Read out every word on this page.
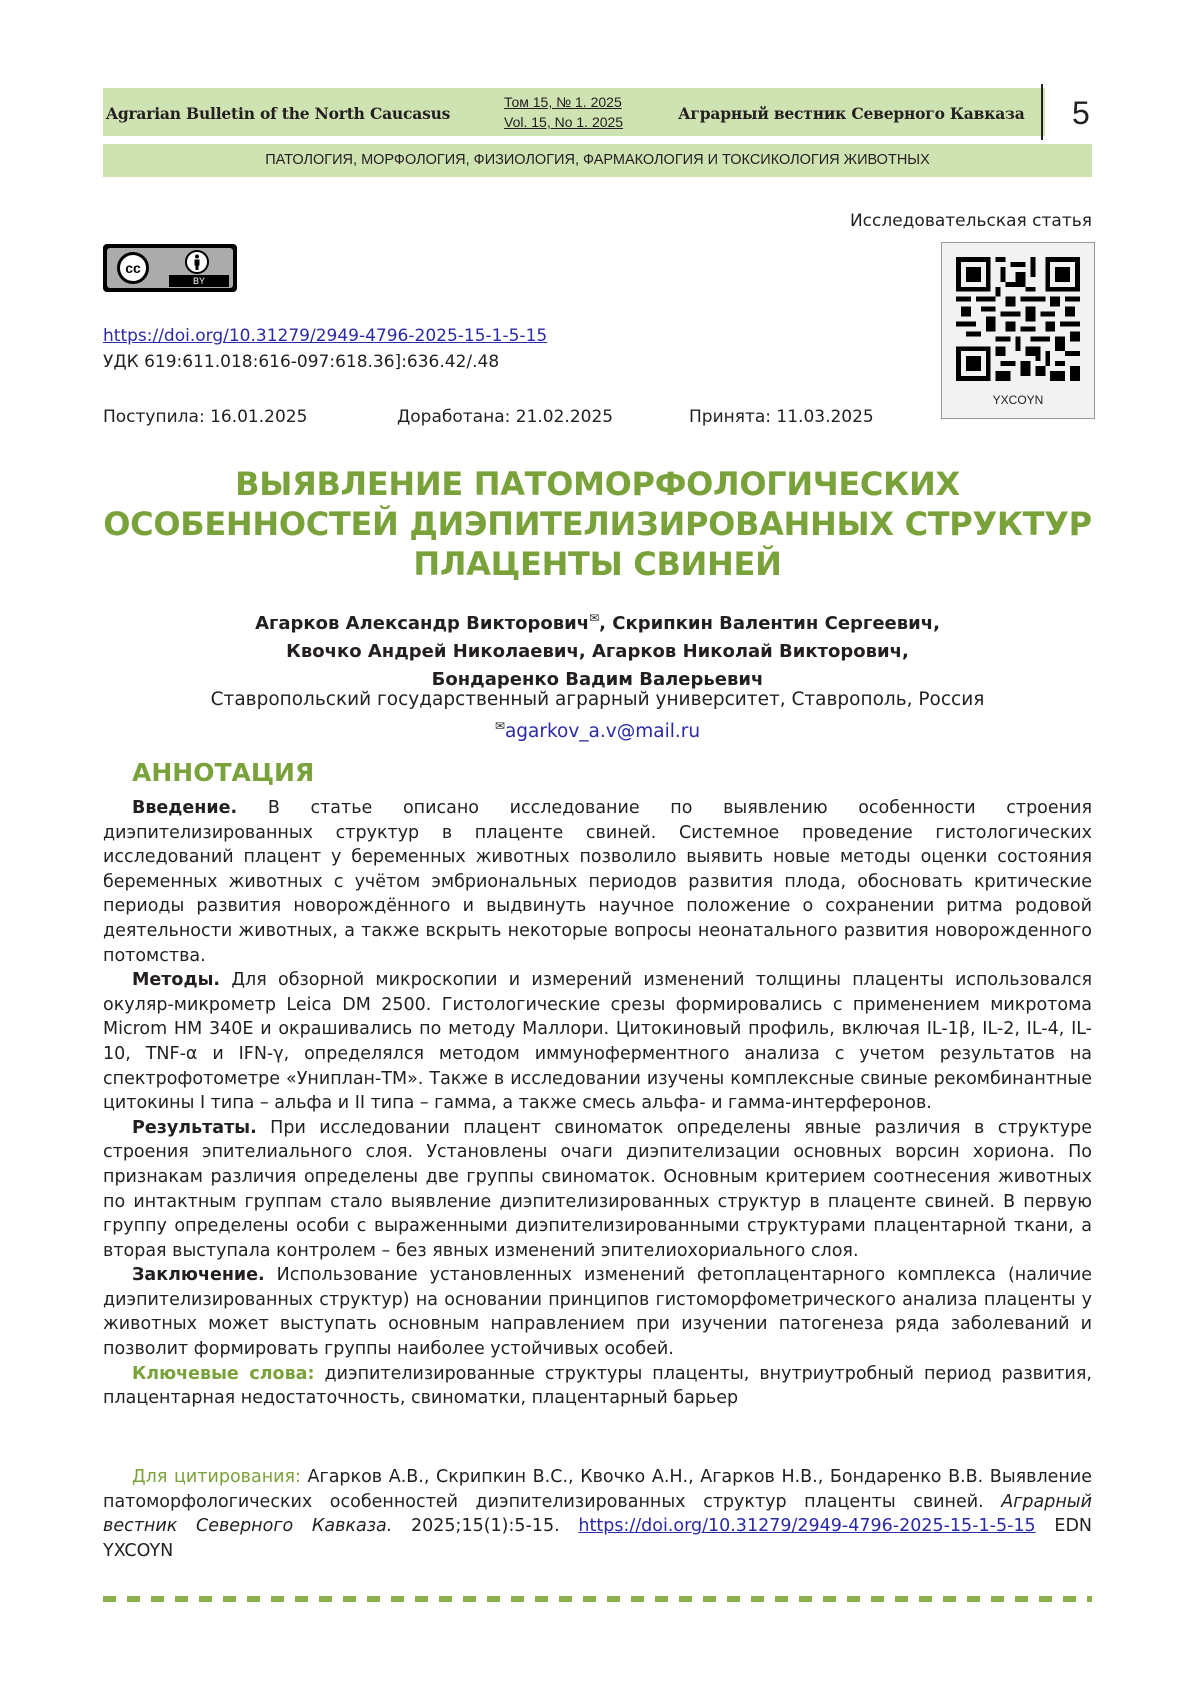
Agrarian Bulletin of the North Caucasus
Том 15, № 1. 2025
Vol. 15, No 1. 2025	Аграрный вестник Северного Кавказа 5
ПАТОЛОГИЯ, МОРФОЛОГИЯ, ФИЗИОЛОГИЯ, ФАРМАКОЛОГИЯ И ТОКСИКОЛОГИЯ ЖИВОТНЫХ
Исследовательская статья
cc
BY
YXCOYN
https://doi.org/10.31279/2949-4796-2025-15-1-5-15
УДК 619:611.018:616-097:618.36]:636.42/.48
Поступила: 16.01.2025	Доработана: 21.02.2025	Принята: 11.03.2025
ВЫЯВЛЕНИЕ ПАТОМОРФОЛОГИЧЕСКИХ
ОСОБЕННОСТЕЙ ДИЭПИТЕЛИЗИРОВАННЫХ СТРУКТУР
ПЛАЦЕНТЫ СВИНЕЙ
Агарков Александр Викторович✉, Скрипкин Валентин Сергеевич,
Квочко Андрей Николаевич, Агарков Николай Викторович,
Бондаренко Вадим Валерьевич
Ставропольский государственный аграрный университет, Ставрополь, Россия
✉agarkov_a.v@mail.ru
АННОТАЦИЯ

Введение. В статье описано исследование по выявлению особенности строения диэпителизированных структур в плаценте свиней. Системное проведение гистологических исследований плацент у беременных животных позволило выявить новые методы оценки состояния беременных животных с учётом эмбриональных периодов развития плода, обосновать критические периоды развития новорождённого и выдвинуть научное положение о сохранении ритма родовой деятельности животных, а также вскрыть некоторые вопросы неонатального развития новорожденного потомства.

Методы. Для обзорной микроскопии и измерений изменений толщины плаценты использовался окуляр-микрометр Leica DM 2500. Гистологические срезы формировались с применением микротома Microm HM 340E и окрашивались по методу Маллори. Цитокиновый профиль, включая IL-1β, IL-2, IL-4, IL-10, TNF-α и IFN-γ, определялся методом иммуноферментного анализа с учетом результатов на спектрофотометре «Униплан-ТМ». Также в исследовании изучены комплексные свиные рекомбинантные цитокины I типа – альфа и II типа – гамма, а также смесь альфа- и гамма-интерферонов.

Результаты. При исследовании плацент свиноматок определены явные различия в структуре строения эпителиального слоя. Установлены очаги диэпителизации основных ворсин хориона. По признакам различия определены две группы свиноматок. Основным критерием соотнесения животных по интактным группам стало выявление диэпителизированных структур в плаценте свиней. В первую группу определены особи с выраженными диэпителизированными структурами плацентарной ткани, а вторая выступала контролем – без явных изменений эпителиохориального слоя.

Заключение. Использование установленных изменений фетоплацентарного комплекса (наличие диэпителизированных структур) на основании принципов гистоморфометрического анализа плаценты у животных может выступать основным направлением при изучении патогенеза ряда заболеваний и позволит формировать группы наиболее устойчивых особей.

Ключевые слова: диэпителизированные структуры плаценты, внутриутробный период развития, плацентарная недостаточность, свиноматки, плацентарный барьер

Для цитирования: Агарков А.В., Скрипкин В.С., Квочко А.Н., Агарков Н.В., Бондаренко В.В. Выявление патоморфологических особенностей диэпителизированных структур плаценты свиней. Аграрный вестник Северного Кавказа. 2025;15(1):5-15. https://doi.org/10.31279/2949-4796-2025-15-1-5-15 EDN YXCOYN
